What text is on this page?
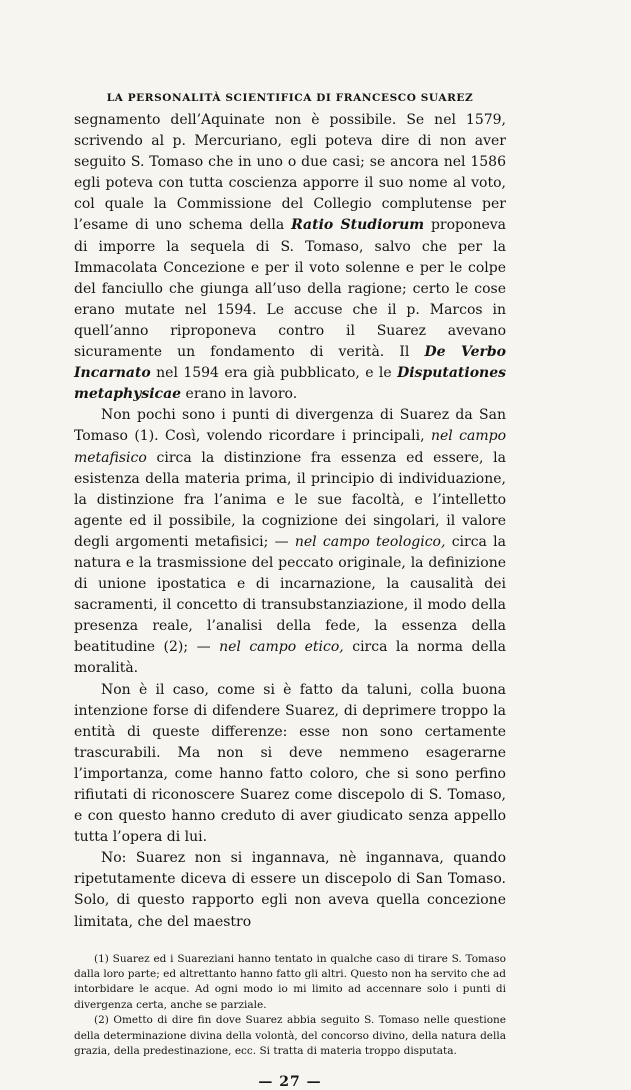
LA PERSONALITÀ SCIENTIFICA DI FRANCESCO SUAREZ

segnamento dell’Aquinate non è possibile. Se nel 1579, scrivendo al p. Mercuriano, egli poteva dire di non aver seguito S. Tomaso che in uno o due casi; se ancora nel 1586 egli poteva con tutta coscienza apporre il suo nome al voto, col quale la Commissione del Collegio complutense per l’esame di uno schema della Ratio Studiorum proponeva di imporre la sequela di S. Tomaso, salvo che per la Immacolata Concezione e per il voto solenne e per le colpe del fanciullo che giunga all’uso della ragione; certo le cose erano mutate nel 1594. Le accuse che il p. Marcos in quell’anno riproponeva contro il Suarez avevano sicuramente un fondamento di verità. Il De Verbo Incarnato nel 1594 era già pubblicato, e le Disputationes metaphysicae erano in lavoro.

Non pochi sono i punti di divergenza di Suarez da San Tomaso (1). Così, volendo ricordare i principali, nel campo metafisico circa la distinzione fra essenza ed essere, la esistenza della materia prima, il principio di individuazione, la distinzione fra l’anima e le sue facoltà, e l’intelletto agente ed il possibile, la cognizione dei singolari, il valore degli argomenti metafisici; — nel campo teologico, circa la natura e la trasmissione del peccato originale, la definizione di unione ipostatica e di incarnazione, la causalità dei sacramenti, il concetto di transubstanziazione, il modo della presenza reale, l’analisi della fede, la essenza della beatitudine (2); — nel campo etico, circa la norma della moralità.

Non è il caso, come si è fatto da taluni, colla buona intenzione forse di difendere Suarez, di deprimere troppo la entità di queste differenze: esse non sono certamente trascurabili. Ma non si deve nemmeno esagerarne l’importanza, come hanno fatto coloro, che si sono perfino rifiutati di riconoscere Suarez come discepolo di S. Tomaso, e con questo hanno creduto di aver giudicato senza appello tutta l’opera di lui.

No: Suarez non si ingannava, nè ingannava, quando ripetutamente diceva di essere un discepolo di San Tomaso. Solo, di questo rapporto egli non aveva quella concezione limitata, che del maestro

(1) Suarez ed i Suareziani hanno tentato in qualche caso di tirare S. Tomaso dalla loro parte; ed altrettanto hanno fatto gli altri. Questo non ha servito che ad intorbidare le acque. Ad ogni modo io mi limito ad accennare solo i punti di divergenza certa, anche se parziale.

(2) Ometto di dire fin dove Suarez abbia seguito S. Tomaso nelle questione della determinazione divina della volontà, del concorso divino, della natura della grazia, della predestinazione, ecc. Si tratta di materia troppo disputata.

— 27 —
